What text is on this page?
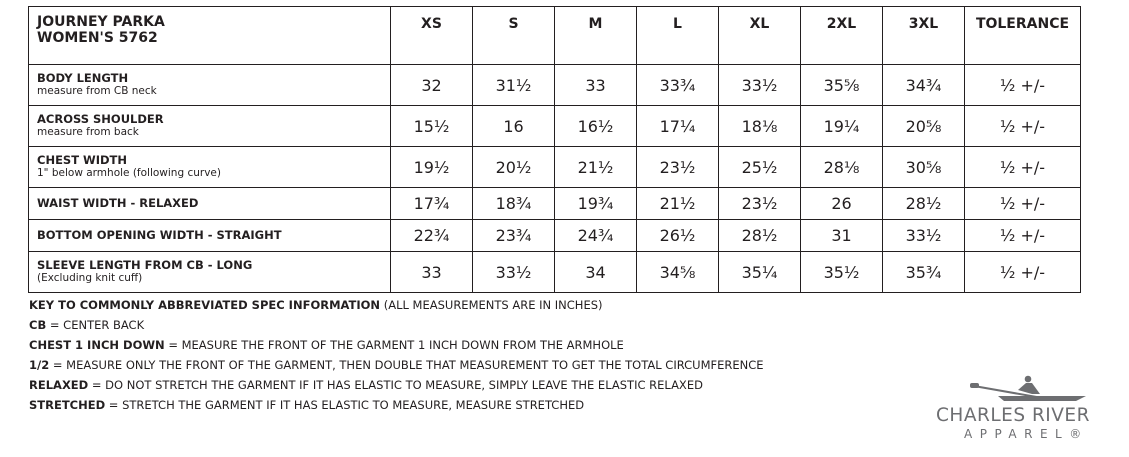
JOURNEY PARKA
WOMEN'S 5762	XS	S	M	L	XL	2XL	3XL	TOLERANCE

BODY LENGTH
measure from CB neck	32	31½	33	33¾	33½	35⅝	34¾	½ +/-

ACROSS SHOULDER
measure from back	15½	16	16½	17¼	18⅛	19¼	20⅝	½ +/-

CHEST WIDTH
1" below armhole (following curve)	19½	20½	21½	23½	25½	28⅛	30⅝	½ +/-

WAIST WIDTH - RELAXED	17¾	18¾	19¾	21½	23½	26	28½	½ +/-

BOTTOM OPENING WIDTH - STRAIGHT	22¾	23¾	24¾	26½	28½	31	33½	½ +/-

SLEEVE LENGTH FROM CB - LONG
(Excluding knit cuff)	33	33½	34	34⅝	35¼	35½	35¾	½ +/-
KEY TO COMMONLY ABBREVIATED SPEC INFORMATION (ALL MEASUREMENTS ARE IN INCHES)
CB = CENTER BACK
CHEST 1 INCH DOWN = MEASURE THE FRONT OF THE GARMENT 1 INCH DOWN FROM THE ARMHOLE
1/2 = MEASURE ONLY THE FRONT OF THE GARMENT, THEN DOUBLE THAT MEASUREMENT TO GET THE TOTAL CIRCUMFERENCE
RELAXED = DO NOT STRETCH THE GARMENT IF IT HAS ELASTIC TO MEASURE, SIMPLY LEAVE THE ELASTIC RELAXED
STRETCHED = STRETCH THE GARMENT IF IT HAS ELASTIC TO MEASURE, MEASURE STRETCHED	CHARLES RIVER
APPAREL®
